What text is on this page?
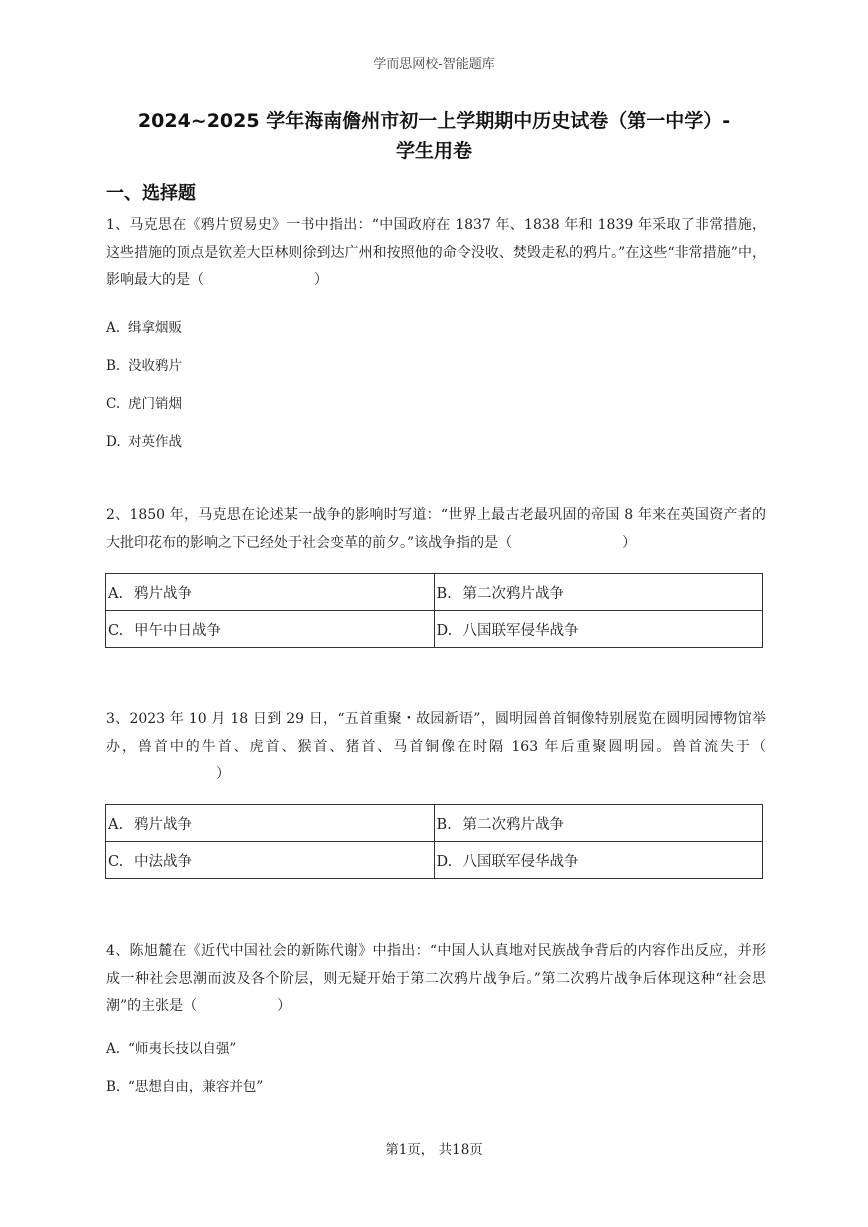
学而思网校-智能题库
2024~2025 学年海南儋州市初一上学期期中历史试卷（第一中学）-
学生用卷
一、选择题
1、马克思在《鸦片贸易史》一书中指出：“中国政府在 1837 年、1838 年和 1839 年采取了非常措施，这些措施的顶点是钦差大臣林则徐到达广州和按照他的命令没收、焚毁走私的鸦片。”在这些“非常措施”中，影响最大的是（	）
A. 缉拿烟贩
B. 没收鸦片
C. 虎门销烟
D. 对英作战
2、1850 年，马克思在论述某一战争的影响时写道：“世界上最古老最巩固的帝国 8 年来在英国资产者的大批印花布的影响之下已经处于社会变革的前夕。”该战争指的是（	）
A. 鸦片战争	B. 第二次鸦片战争
C. 甲午中日战争	D. 八国联军侵华战争
3、2023 年 10 月 18 日到 29 日，“五首重聚・故园新语”，圆明园兽首铜像特别展览在圆明园博物馆举办，兽首中的牛首、虎首、猴首、猪首、马首铜像在时隔 163 年后重聚圆明园。兽首流失于（）
A. 鸦片战争	B. 第二次鸦片战争
C. 中法战争	D. 八国联军侵华战争
4、陈旭麓在《近代中国社会的新陈代谢》中指出：“中国人认真地对民族战争背后的内容作出反应，并形成一种社会思潮而波及各个阶层，则无疑开始于第二次鸦片战争后。”第二次鸦片战争后体现这种“社会思潮”的主张是（	）
A. “师夷长技以自强”
B. “思想自由，兼容并包”
第1页， 共18页
